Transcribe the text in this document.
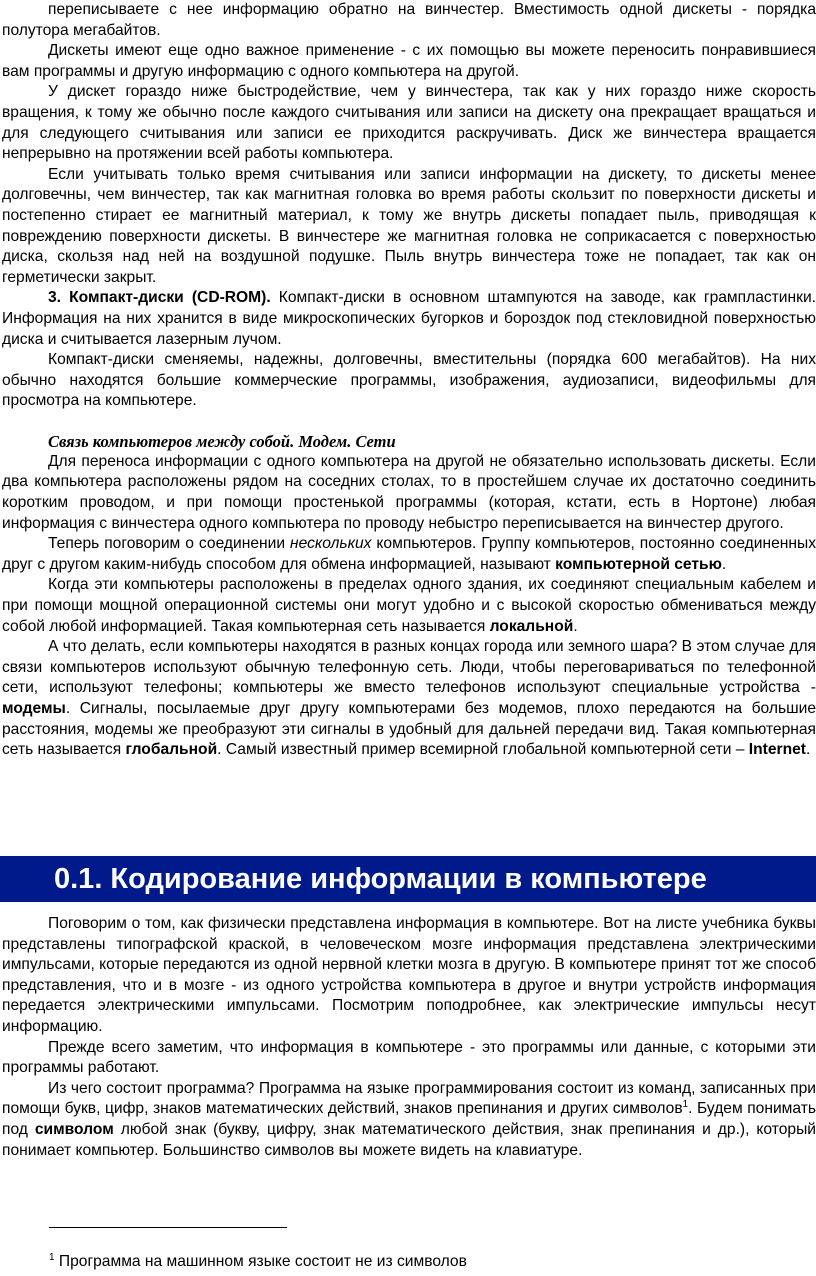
переписываете с нее информацию обратно на винчестер. Вместимость одной дискеты - порядка полутора мегабайтов.

Дискеты имеют еще одно важное применение - с их помощью вы можете переносить понравившиеся вам программы и другую информацию с одного компьютера на другой.

У дискет гораздо ниже быстродействие, чем у винчестера, так как у них гораздо ниже скорость вращения, к тому же обычно после каждого считывания или записи на дискету она прекращает вращаться и для следующего считывания или записи ее приходится раскручивать. Диск же винчестера вращается непрерывно на протяжении всей работы компьютера.

Если учитывать только время считывания или записи информации на дискету, то дискеты менее долговечны, чем винчестер, так как магнитная головка во время работы скользит по поверхности дискеты и постепенно стирает ее магнитный материал, к тому же внутрь дискеты попадает пыль, приводящая к повреждению поверхности дискеты. В винчестере же магнитная головка не соприкасается с поверхностью диска, скользя над ней на воздушной подушке. Пыль внутрь винчестера тоже не попадает, так как он герметически закрыт.

3. Компакт-диски (CD-ROM). Компакт-диски в основном штампуются на заводе, как грампластинки. Информация на них хранится в виде микроскопических бугорков и бороздок под стекловидной поверхностью диска и считывается лазерным лучом.

Компакт-диски сменяемы, надежны, долговечны, вместительны (порядка 600 мегабайтов). На них обычно находятся большие коммерческие программы, изображения, аудиозаписи, видеофильмы для просмотра на компьютере.

Связь компьютеров между собой. Модем. Сети

Для переноса информации с одного компьютера на другой не обязательно использовать дискеты. Если два компьютера расположены рядом на соседних столах, то в простейшем случае их достаточно соединить коротким проводом, и при помощи простенькой программы (которая, кстати, есть в Нортоне) любая информация с винчестера одного компьютера по проводу небыстро переписывается на винчестер другого.

Теперь поговорим о соединении нескольких компьютеров. Группу компьютеров, постоянно соединенных друг с другом каким-нибудь способом для обмена информацией, называют компьютерной сетью.

Когда эти компьютеры расположены в пределах одного здания, их соединяют специальным кабелем и при помощи мощной операционной системы они могут удобно и с высокой скоростью обмениваться между собой любой информацией. Такая компьютерная сеть называется локальной.

А что делать, если компьютеры находятся в разных концах города или земного шара? В этом случае для связи компьютеров используют обычную телефонную сеть. Люди, чтобы переговариваться по телефонной сети, используют телефоны; компьютеры же вместо телефонов используют специальные устройства - модемы. Сигналы, посылаемые друг другу компьютерами без модемов, плохо передаются на большие расстояния, модемы же преобразуют эти сигналы в удобный для дальней передачи вид. Такая компьютерная сеть называется глобальной. Самый известный пример всемирной глобальной компьютерной сети – Internet.

0.1. Кодирование информации в компьютере

Поговорим о том, как физически представлена информация в компьютере. Вот на листе учебника буквы представлены типографской краской, в человеческом мозге информация представлена электрическими импульсами, которые передаются из одной нервной клетки мозга в другую. В компьютере принят тот же способ представления, что и в мозге - из одного устройства компьютера в другое и внутри устройств информация передается электрическими импульсами. Посмотрим поподробнее, как электрические импульсы несут информацию.

Прежде всего заметим, что информация в компьютере - это программы или данные, с которыми эти программы работают.

Из чего состоит программа? Программа на языке программирования состоит из команд, записанных при помощи букв, цифр, знаков математических действий, знаков препинания и других символов$^1$. Будем понимать под символом любой знак (букву, цифру, знак математического действия, знак препинания и др.), который понимает компьютер. Большинство символов вы можете видеть на клавиатуре.

$^1$ Программа на машинном языке состоит не из символов
